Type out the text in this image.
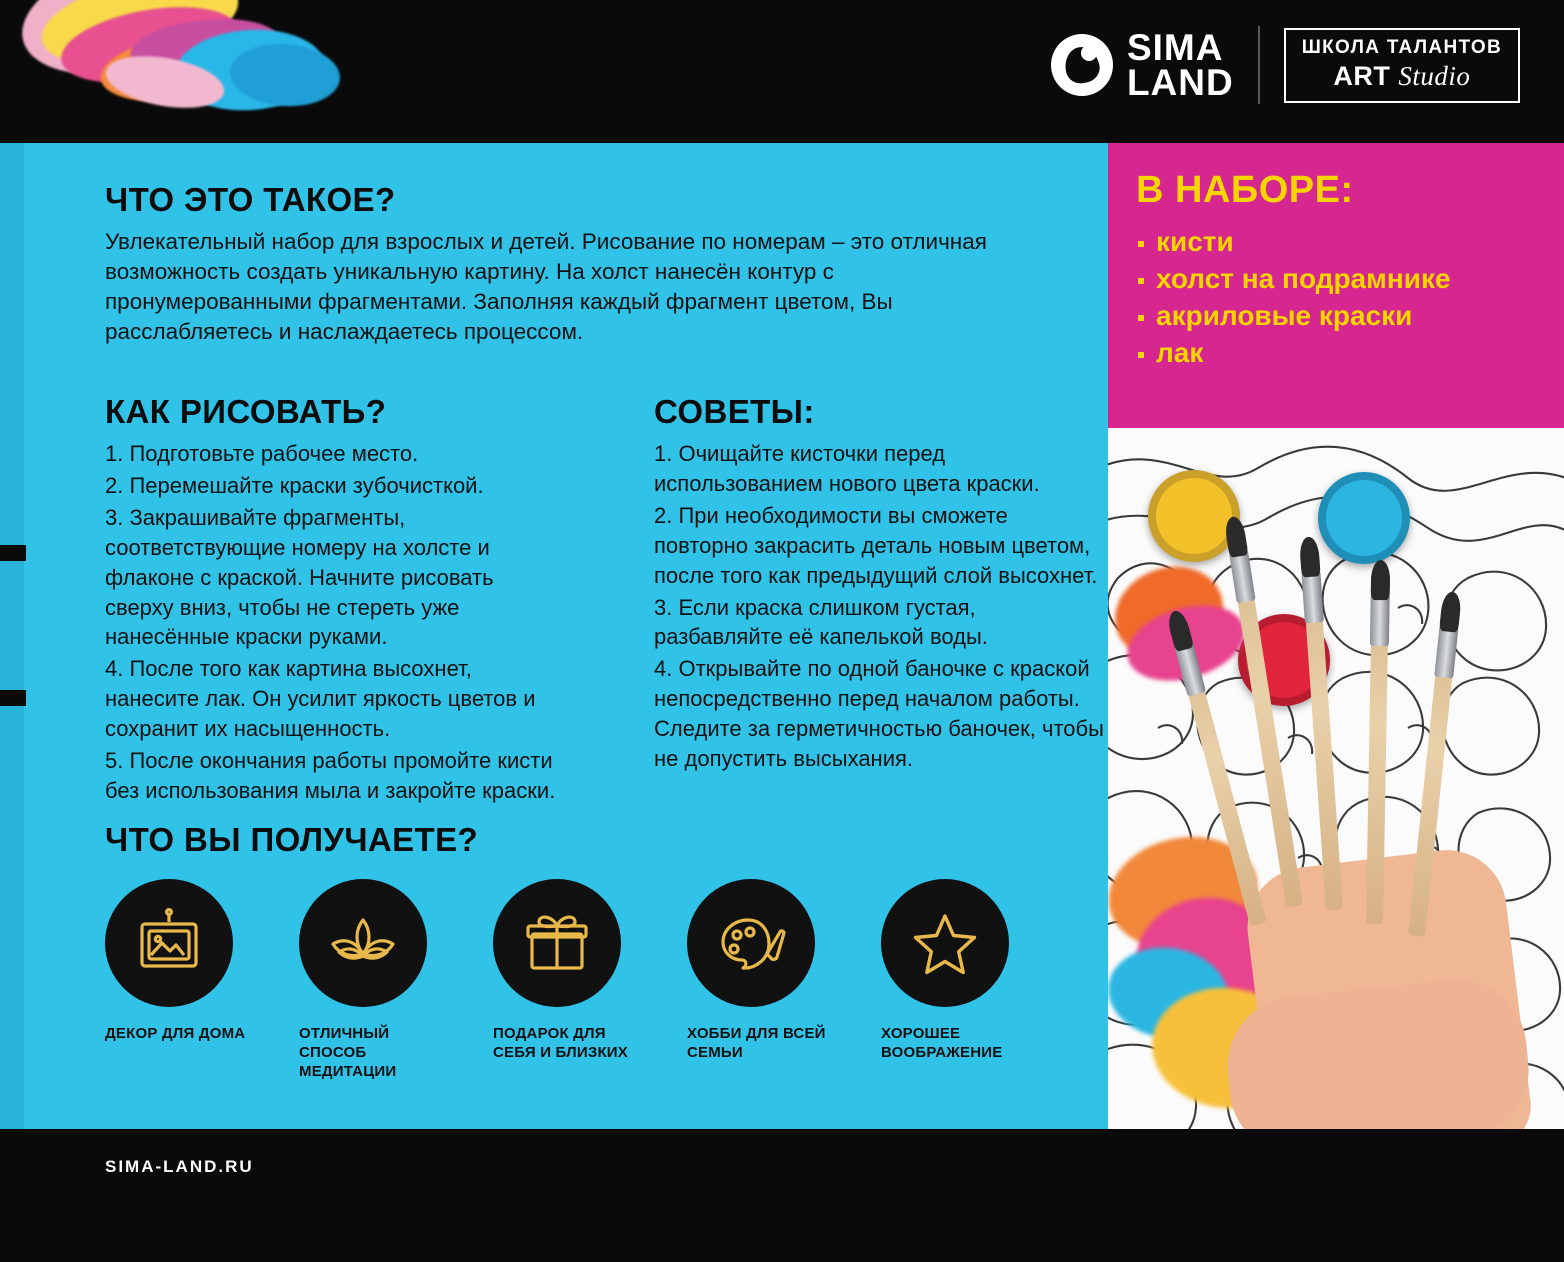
SIMA
LAND
ШКОЛА ТАЛАНТОВ
ART Studio
ЧТО ЭТО ТАКОЕ?

Увлекательный набор для взрослых и детей. Рисование по номерам – это отличная возможность создать уникальную картину. На холст нанесён контур с пронумерованными фрагментами. Заполняя каждый фрагмент цветом, Вы расслабляетесь и наслаждаетесь процессом.

КАК РИСОВАТЬ?

1. Подготовьте рабочее место.

2. Перемешайте краски зубочисткой.

3. Закрашивайте фрагменты, соответствующие номеру на холсте и флаконе с краской. Начните рисовать сверху вниз, чтобы не стереть уже нанесённые краски руками.

4. После того как картина высохнет, нанесите лак. Он усилит яркость цветов и сохранит их насыщенность.

5. После окончания работы промойте кисти без использования мыла и закройте краски.

СОВЕТЫ:

1. Очищайте кисточки перед использованием нового цвета краски.

2. При необходимости вы сможете повторно закрасить деталь новым цветом, после того как предыдущий слой высохнет.

3. Если краска слишком густая, разбавляйте её капелькой воды.

4. Открывайте по одной баночке с краской непосредственно перед началом работы. Следите за герметичностью баночек, чтобы не допустить высыхания.

ЧТО ВЫ ПОЛУЧАЕТЕ?
ДЕКОР ДЛЯ ДОМА	ОТЛИЧНЫЙ СПОСОБ МЕДИТАЦИИ
ПОДАРОК ДЛЯ СЕБЯ И БЛИЗКИХ
ХОББИ ДЛЯ ВСЕЙ СЕМЬИ
ХОРОШЕЕ ВООБРАЖЕНИЕ
В НАБОРЕ:
кисти
холст на подрамнике
акриловые краски
лак
SIMA-LAND.RU
